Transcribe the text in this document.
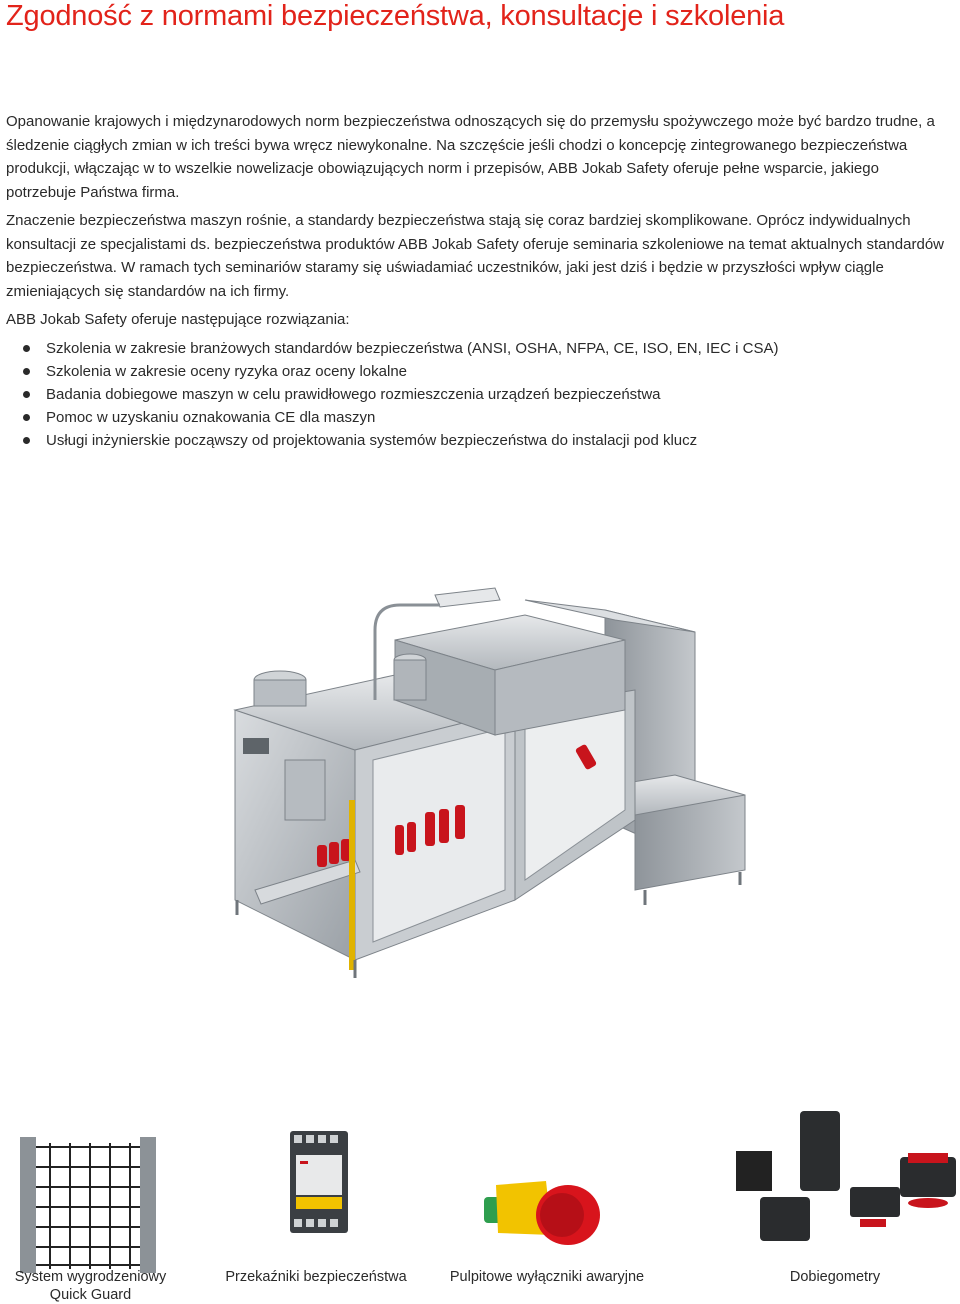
Zgodność z normami bezpieczeństwa, konsultacje i szkolenia

Opanowanie krajowych i międzynarodowych norm bezpieczeństwa odnoszących się do przemysłu spożywczego może być bardzo trudne, a śledzenie ciągłych zmian w ich treści bywa wręcz niewykonalne. Na szczęście jeśli chodzi o koncepcję zintegrowanego bezpieczeństwa produkcji, włączając w to wszelkie nowelizacje obowiązujących norm i przepisów, ABB Jokab Safety oferuje pełne wsparcie, jakiego potrzebuje Państwa firma.

Znaczenie bezpieczeństwa maszyn rośnie, a standardy bezpieczeństwa stają się coraz bardziej skomplikowane. Oprócz indywidualnych konsultacji ze specjalistami ds. bezpieczeństwa produktów ABB Jokab Safety oferuje seminaria szkoleniowe na temat aktualnych standardów bezpieczeństwa. W ramach tych seminariów staramy się uświadamiać uczestników, jaki jest dziś i będzie w przyszłości wpływ ciągle zmieniających się standardów na ich firmy.

ABB Jokab Safety oferuje następujące rozwiązania:

Szkolenia w zakresie branżowych standardów bezpieczeństwa (ANSI, OSHA, NFPA, CE, ISO, EN, IEC i CSA)
Szkolenia w zakresie oceny ryzyka oraz oceny lokalne
Badania dobiegowe maszyn w celu prawidłowego rozmieszczenia urządzeń bezpieczeństwa
Pomoc w uzyskaniu oznakowania CE dla maszyn
Usługi inżynierskie począwszy od projektowania systemów bezpieczeństwa do instalacji pod klucz
System wygrodzeniowy Quick Guard
Przekaźniki bezpieczeństwa	Pulpitowe wyłączniki awaryjne	Dobiegometry
